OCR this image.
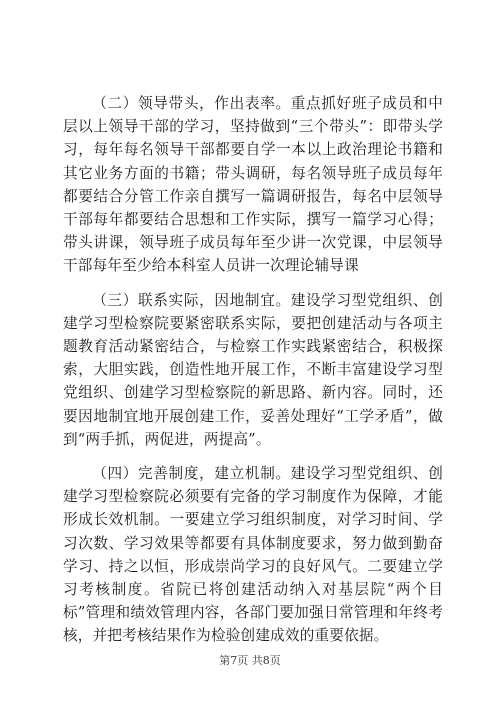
（二）领导带头，作出表率。重点抓好班子成员和中层以上领导干部的学习，坚持做到“三个带头”：即带头学习，每年每名领导干部都要自学一本以上政治理论书籍和其它业务方面的书籍；带头调研，每名领导班子成员每年都要结合分管工作亲自撰写一篇调研报告，每名中层领导干部每年都要结合思想和工作实际，撰写一篇学习心得；带头讲课，领导班子成员每年至少讲一次党课，中层领导干部每年至少给本科室人员讲一次理论辅导课

（三）联系实际，因地制宜。建设学习型党组织、创建学习型检察院要紧密联系实际，要把创建活动与各项主题教育活动紧密结合，与检察工作实践紧密结合，积极探索，大胆实践，创造性地开展工作，不断丰富建设学习型党组织、创建学习型检察院的新思路、新内容。同时，还要因地制宜地开展创建工作，妥善处理好“工学矛盾”，做到“两手抓，两促进，两提高”。

（四）完善制度，建立机制。建设学习型党组织、创建学习型检察院必须要有完备的学习制度作为保障，才能形成长效机制。一要建立学习组织制度，对学习时间、学习次数、学习效果等都要有具体制度要求，努力做到勤奋学习、持之以恒，形成崇尚学习的良好风气。二要建立学习考核制度。省院已将创建活动纳入对基层院“两个目标”管理和绩效管理内容，各部门要加强日常管理和年终考核，并把考核结果作为检验创建成效的重要依据。

第7页 共8页
